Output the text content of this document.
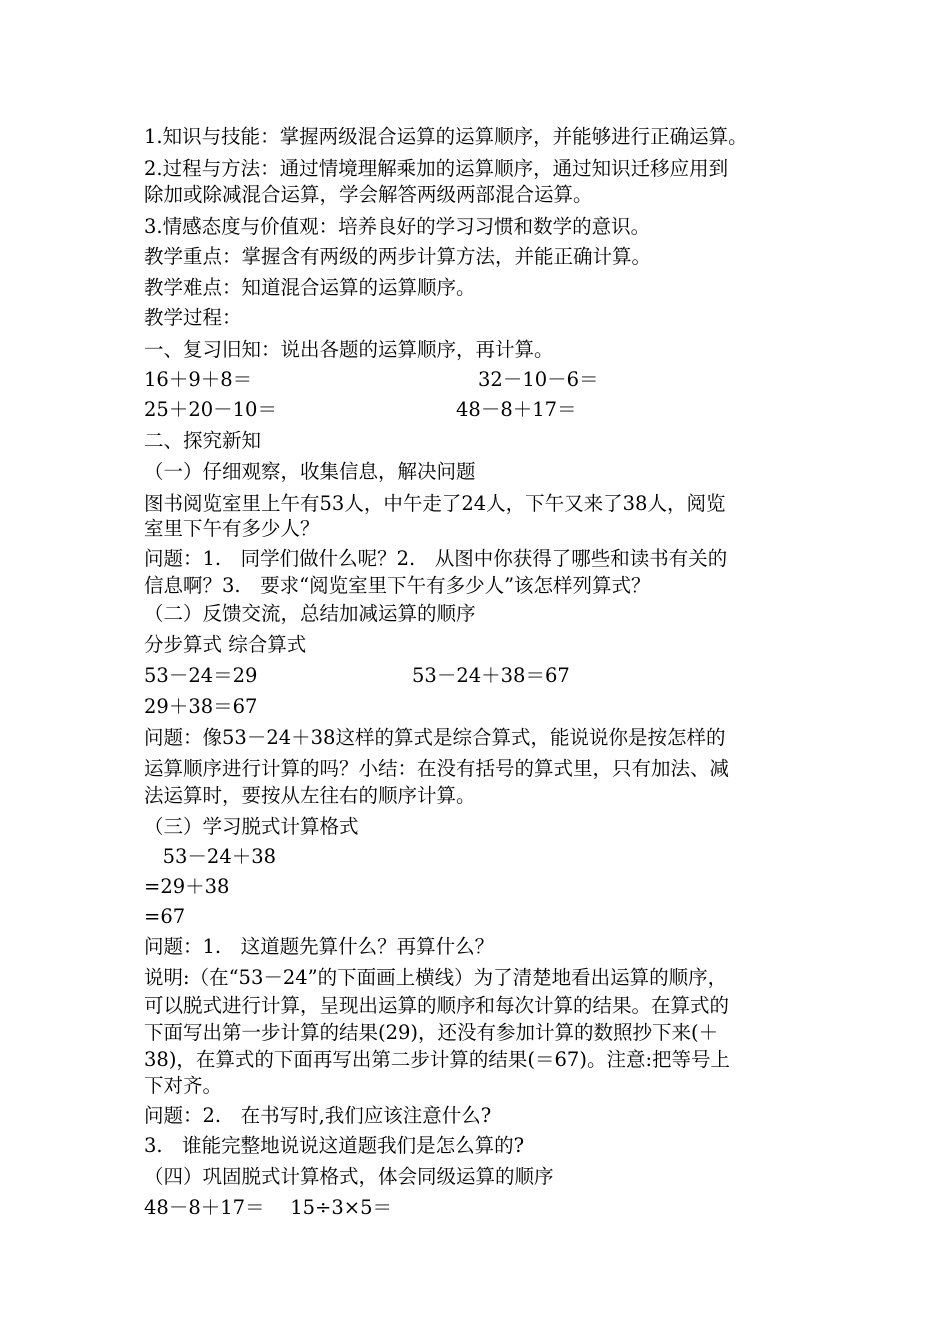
1.知识与技能：掌握两级混合运算的运算顺序，并能够进行正确运算。
2.过程与方法：通过情境理解乘加的运算顺序，通过知识迁移应用到
除加或除减混合运算，学会解答两级两部混合运算。
3.情感态度与价值观：培养良好的学习习惯和数学的意识。
教学重点：掌握含有两级的两步计算方法，并能正确计算。
教学难点：知道混合运算的运算顺序。
教学过程：
一、复习旧知：说出各题的运算顺序，再计算。
16＋9＋8＝	32－10－6＝
25＋20－10＝	48－8＋17＝
二、探究新知
（一）仔细观察，收集信息，解决问题
图书阅览室里上午有53人，中午走了24人，下午又来了38人，阅览
室里下午有多少人？
问题：1.　同学们做什么呢？2.　从图中你获得了哪些和读书有关的
信息啊？3.　要求“阅览室里下午有多少人”该怎样列算式？
（二）反馈交流，总结加减运算的顺序
分步算式 综合算式
53－24＝29	53－24＋38＝67
29＋38＝67
问题：像53－24＋38这样的算式是综合算式，能说说你是按怎样的
运算顺序进行计算的吗？小结：在没有括号的算式里，只有加法、减
法运算时，要按从左往右的顺序计算。
（三）学习脱式计算格式
53－24＋38
=29＋38
=67
问题：1.　这道题先算什么？再算什么？
说明:（在“53－24”的下面画上横线）为了清楚地看出运算的顺序，
可以脱式进行计算，呈现出运算的顺序和每次计算的结果。在算式的
下面写出第一步计算的结果(29)，还没有参加计算的数照抄下来(＋
38)，在算式的下面再写出第二步计算的结果(＝67)。注意:把等号上
下对齐。
问题：2.　在书写时,我们应该注意什么?
3.　谁能完整地说说这道题我们是怎么算的?
（四）巩固脱式计算格式，体会同级运算的顺序
48－8＋17＝　 15÷3×5＝
